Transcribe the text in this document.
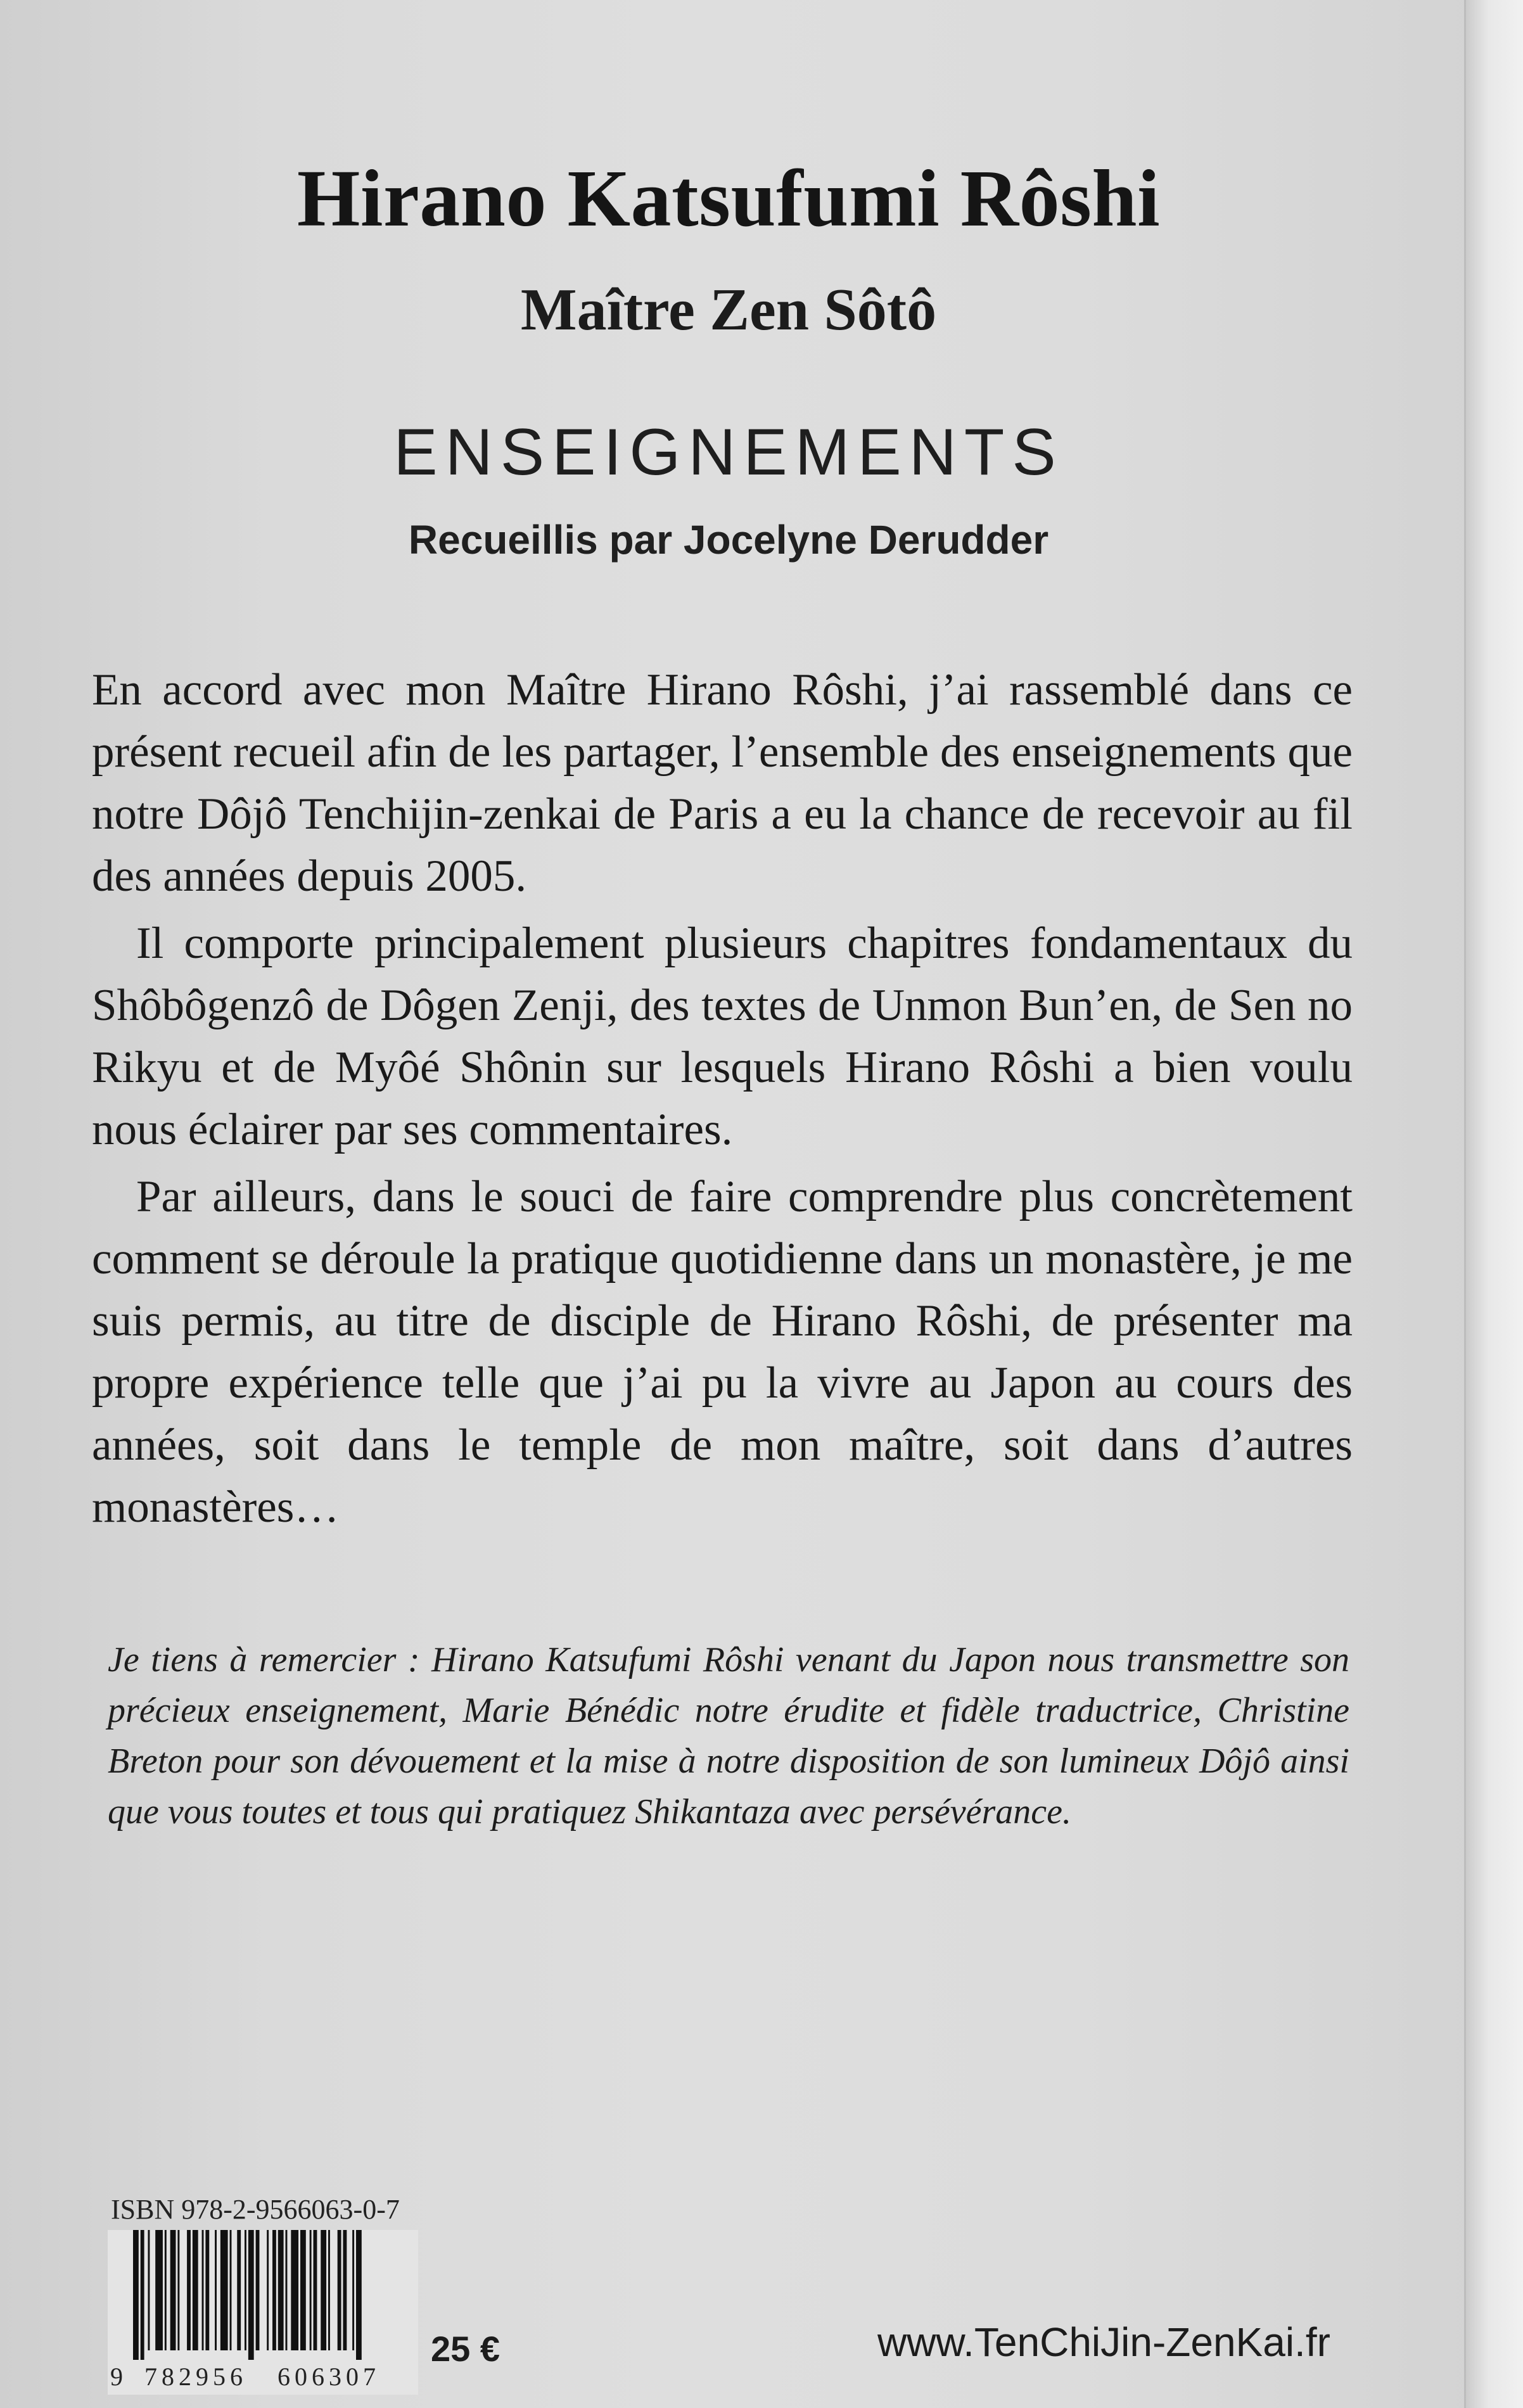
Hirano Katsufumi Rôshi
Maître Zen Sôtô
ENSEIGNEMENTS
Recueillis par Jocelyne Derudder

En accord avec mon Maître Hirano Rôshi, j’ai rassemblé dans ce présent recueil afin de les partager, l’ensemble des enseignements que notre Dôjô Tenchijin-zenkai de Paris a eu la chance de recevoir au fil des années depuis 2005.

Il comporte principalement plusieurs chapitres fondamentaux du Shôbôgenzô de Dôgen Zenji, des textes de Unmon Bun’en, de Sen no Rikyu et de Myôé Shônin sur lesquels Hirano Rôshi a bien voulu nous éclairer par ses commentaires.

Par ailleurs, dans le souci de faire comprendre plus concrètement comment se déroule la pratique quotidienne dans un monastère, je me suis permis, au titre de disciple de Hirano Rôshi, de présenter ma propre expérience telle que j’ai pu la vivre au Japon au cours des années, soit dans le temple de mon maître, soit dans d’autres monastères…

Je tiens à remercier : Hirano Katsufumi Rôshi venant du Japon nous transmettre son précieux enseignement, Marie Bénédic notre érudite et fidèle traductrice, Christine Breton pour son dévouement et la mise à notre disposition de son lumineux Dôjô ainsi que vous toutes et tous qui pratiquez Shikantaza avec persévérance.
ISBN 978-2-9566063-0-7
9 782956 606307
25 €	www.TenChiJin-ZenKai.fr
